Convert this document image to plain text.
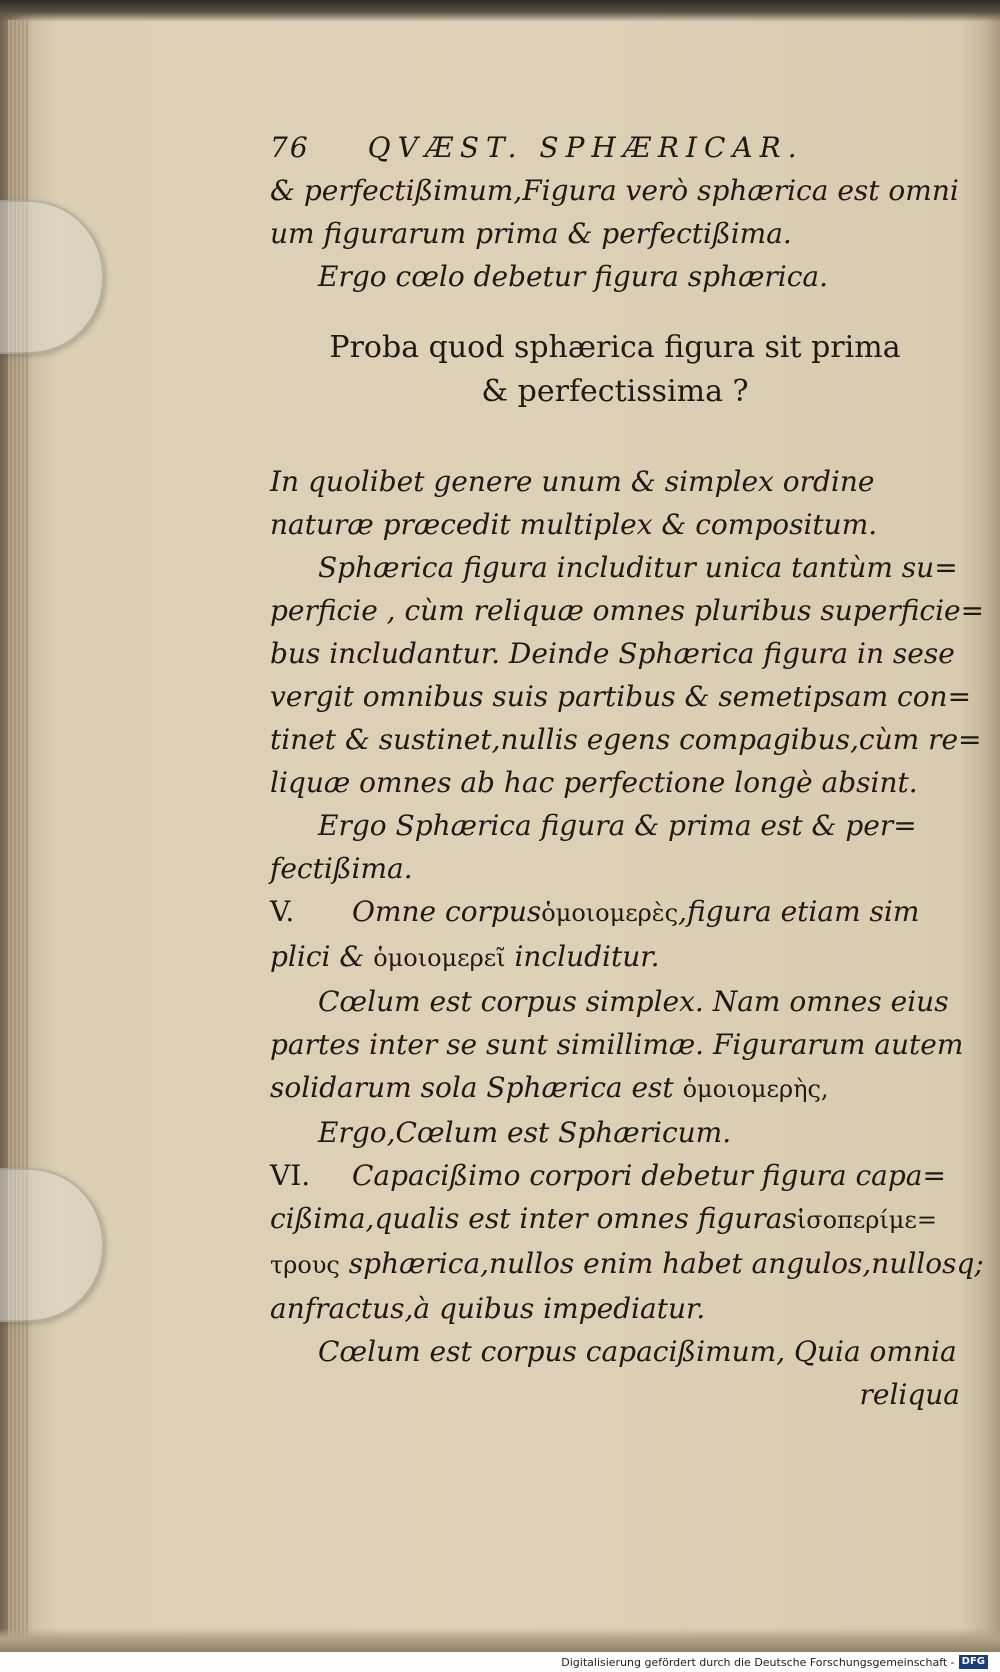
76 QVÆST. SPHÆRICAR.
& perfectißimum,Figura verò sphærica est omni
um figurarum prima & perfectißima.
Ergo cœlo debetur figura sphærica.

Proba quod sphærica figura sit prima

& perfectissima ?

In quolibet genere unum & simplex ordine
naturæ præcedit multiplex & compositum.
Sphærica figura includitur unica tantùm su=
perficie , cùm reliquæ omnes pluribus superficie=
bus includantur. Deinde Sphærica figura in sese
vergit omnibus suis partibus & semetipsam con=
tinet & sustinet,nullis egens compagibus,cùm re=
liquæ omnes ab hac perfectione longè absint.
Ergo Sphærica figura & prima est & per=
fectißima.
V. Omne corpusὁμοιομερὲς,figura etiam sim
plici & ὁμοιομερεῖ includitur.
Cœlum est corpus simplex. Nam omnes eius
partes inter se sunt simillimæ. Figurarum autem
solidarum sola Sphærica est ὁμοιομερὴς,
Ergo,Cœlum est Sphæricum.
VI. Capacißimo corpori debetur figura capa=
cißima,qualis est inter omnes figurasἰσοπερίμε=
τρους sphærica,nullos enim habet angulos,nullosq;
anfractus,à quibus impediatur.
Cœlum est corpus capacißimum, Quia omnia
reliqua
Digitalisierung gefördert durch die Deutsche Forschungsgemeinschaft - DFG
